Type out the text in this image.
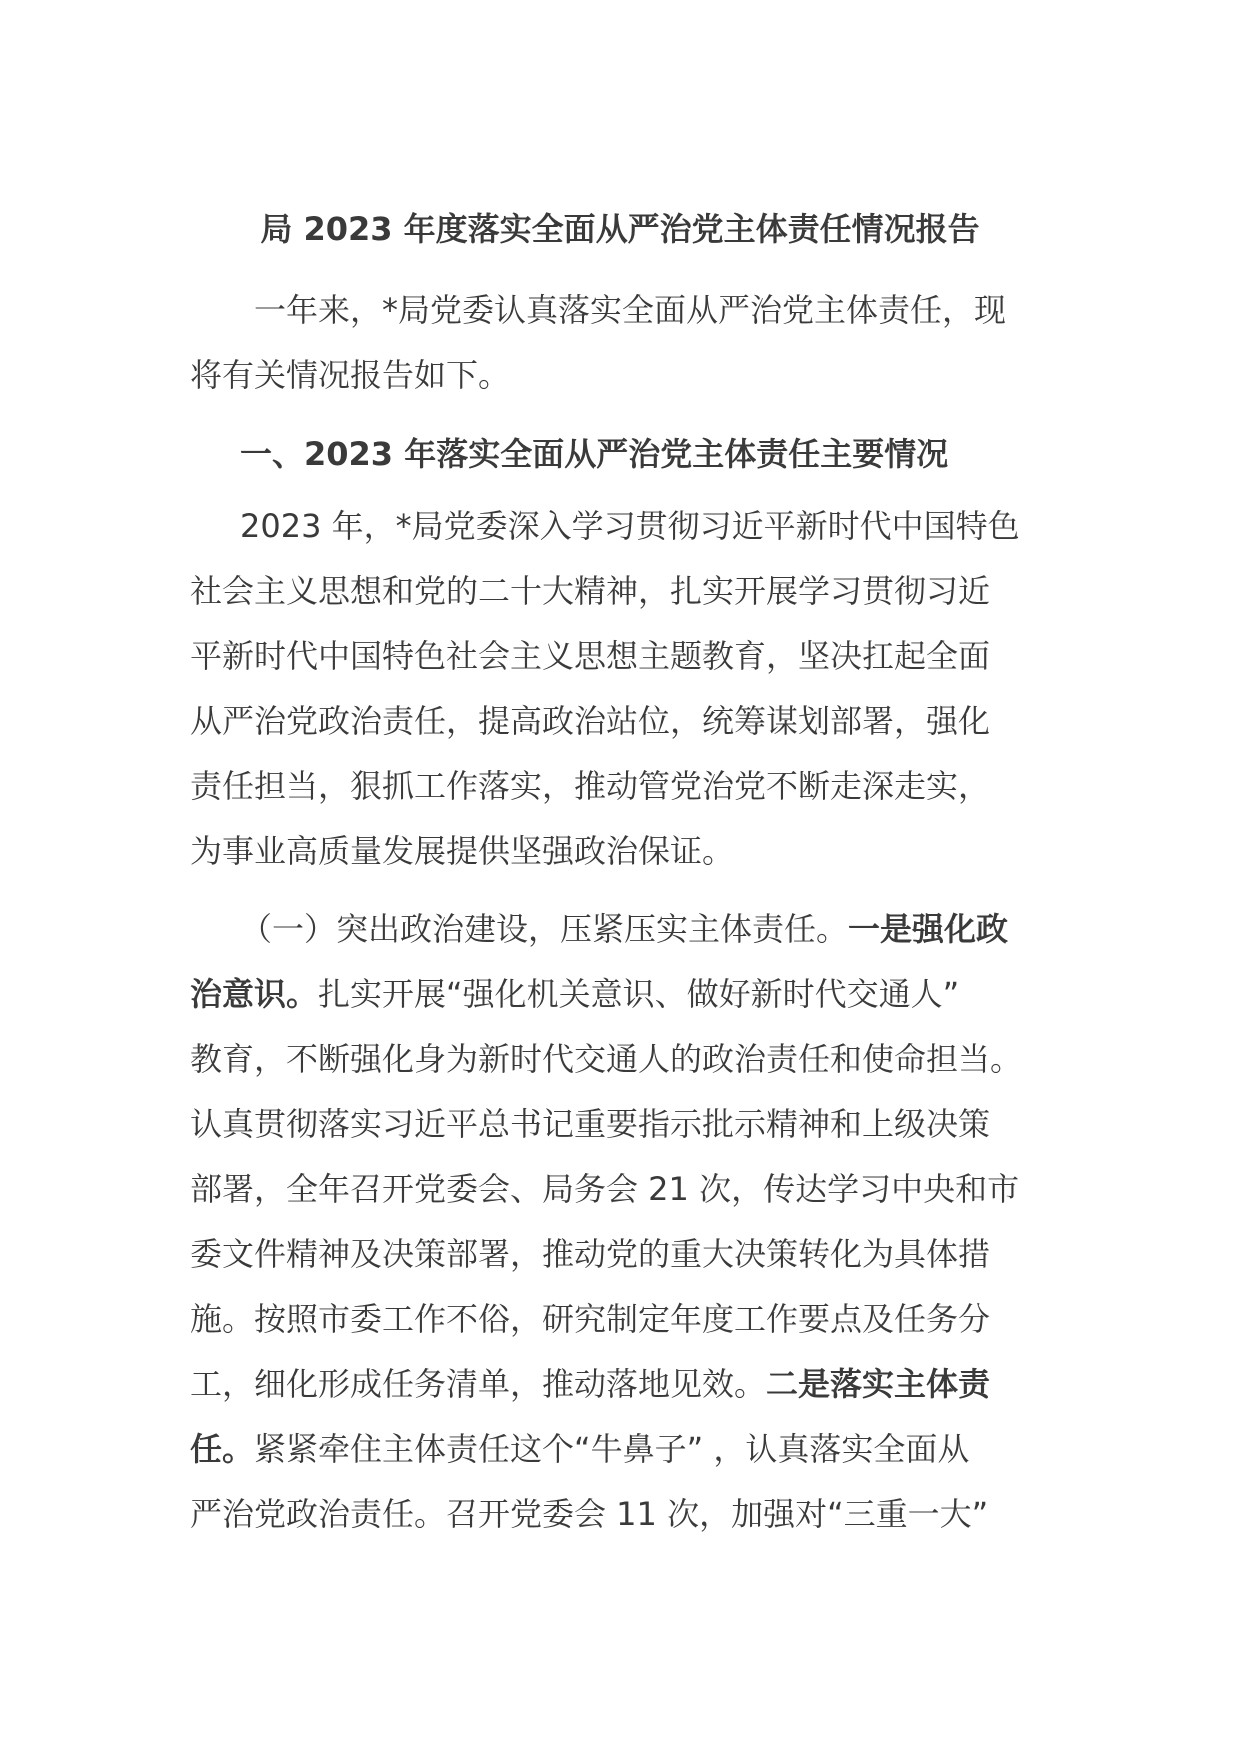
局 2023 年度落实全面从严治党主体责任情况报告

一年来，*局党委认真落实全面从严治党主体责任，现
将有关情况报告如下。

一、2023 年落实全面从严治党主体责任主要情况

2023 年，*局党委深入学习贯彻习近平新时代中国特色
社会主义思想和党的二十大精神，扎实开展学习贯彻习近
平新时代中国特色社会主义思想主题教育，坚决扛起全面
从严治党政治责任，提高政治站位，统筹谋划部署，强化
责任担当，狠抓工作落实，推动管党治党不断走深走实，
为事业高质量发展提供坚强政治保证。

（一）突出政治建设，压紧压实主体责任。一是强化政
治意识。扎实开展“强化机关意识、做好新时代交通人”
教育，不断强化身为新时代交通人的政治责任和使命担当。
认真贯彻落实习近平总书记重要指示批示精神和上级决策
部署，全年召开党委会、局务会 21 次，传达学习中央和市
委文件精神及决策部署，推动党的重大决策转化为具体措
施。按照市委工作不俗，研究制定年度工作要点及任务分
工，细化形成任务清单，推动落地见效。二是落实主体责
任。紧紧牵住主体责任这个“牛鼻子” ，认真落实全面从
严治党政治责任。召开党委会 11 次，加强对“三重一大”
